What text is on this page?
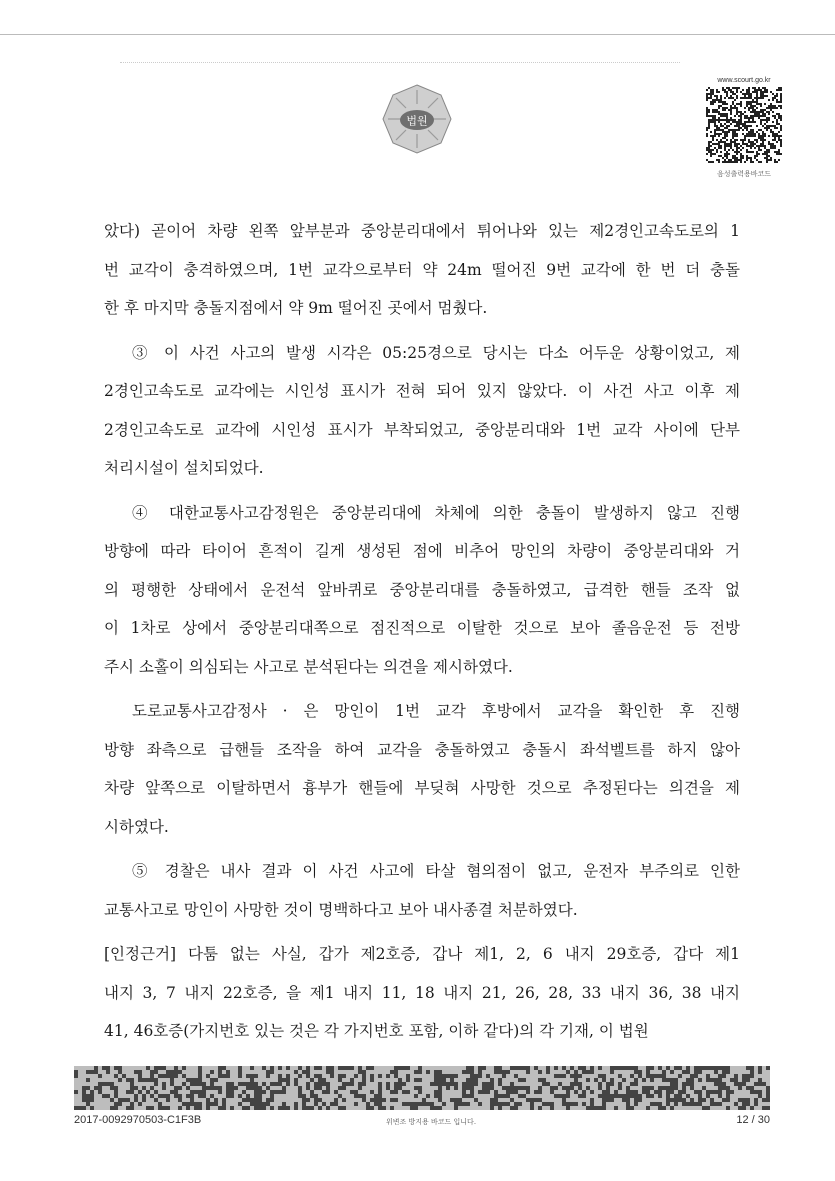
법원
www.scourt.go.kr
음성출력용바코드

았다) 곧이어 차량 왼쪽 앞부분과 중앙분리대에서 튀어나와 있는 제2경인고속도로의 1

번 교각이 충격하였으며, 1번 교각으로부터 약 24m 떨어진 9번 교각에 한 번 더 충돌

한 후 마지막 충돌지점에서 약 9m 떨어진 곳에서 멈췄다.

③ 이 사건 사고의 발생 시각은 05:25경으로 당시는 다소 어두운 상황이었고, 제

2경인고속도로 교각에는 시인성 표시가 전혀 되어 있지 않았다. 이 사건 사고 이후 제

2경인고속도로 교각에 시인성 표시가 부착되었고, 중앙분리대와 1번 교각 사이에 단부

처리시설이 설치되었다.

④ 대한교통사고감정원은 중앙분리대에 차체에 의한 충돌이 발생하지 않고 진행

방향에 따라 타이어 흔적이 길게 생성된 점에 비추어 망인의 차량이 중앙분리대와 거

의 평행한 상태에서 운전석 앞바퀴로 중앙분리대를 충돌하였고, 급격한 핸들 조작 없

이 1차로 상에서 중앙분리대쪽으로 점진적으로 이탈한 것으로 보아 졸음운전 등 전방

주시 소홀이 의심되는 사고로 분석된다는 의견을 제시하였다.

도로교통사고감정사 · 은 망인이 1번 교각 후방에서 교각을 확인한 후 진행

방향 좌측으로 급핸들 조작을 하여 교각을 충돌하였고 충돌시 좌석벨트를 하지 않아

차량 앞쪽으로 이탈하면서 흉부가 핸들에 부딪혀 사망한 것으로 추정된다는 의견을 제

시하였다.

⑤ 경찰은 내사 결과 이 사건 사고에 타살 혐의점이 없고, 운전자 부주의로 인한

교통사고로 망인이 사망한 것이 명백하다고 보아 내사종결 처분하였다.

[인정근거] 다툼 없는 사실, 갑가 제2호증, 갑나 제1, 2, 6 내지 29호증, 갑다 제1

내지 3, 7 내지 22호증, 을 제1 내지 11, 18 내지 21, 26, 28, 33 내지 36, 38 내지

41, 46호증(가지번호 있는 것은 각 가지번호 포함, 이하 같다)의 각 기재, 이 법원

2017-0092970503-C1F3B	위변조 방지용 바코드 입니다.	12 / 30
